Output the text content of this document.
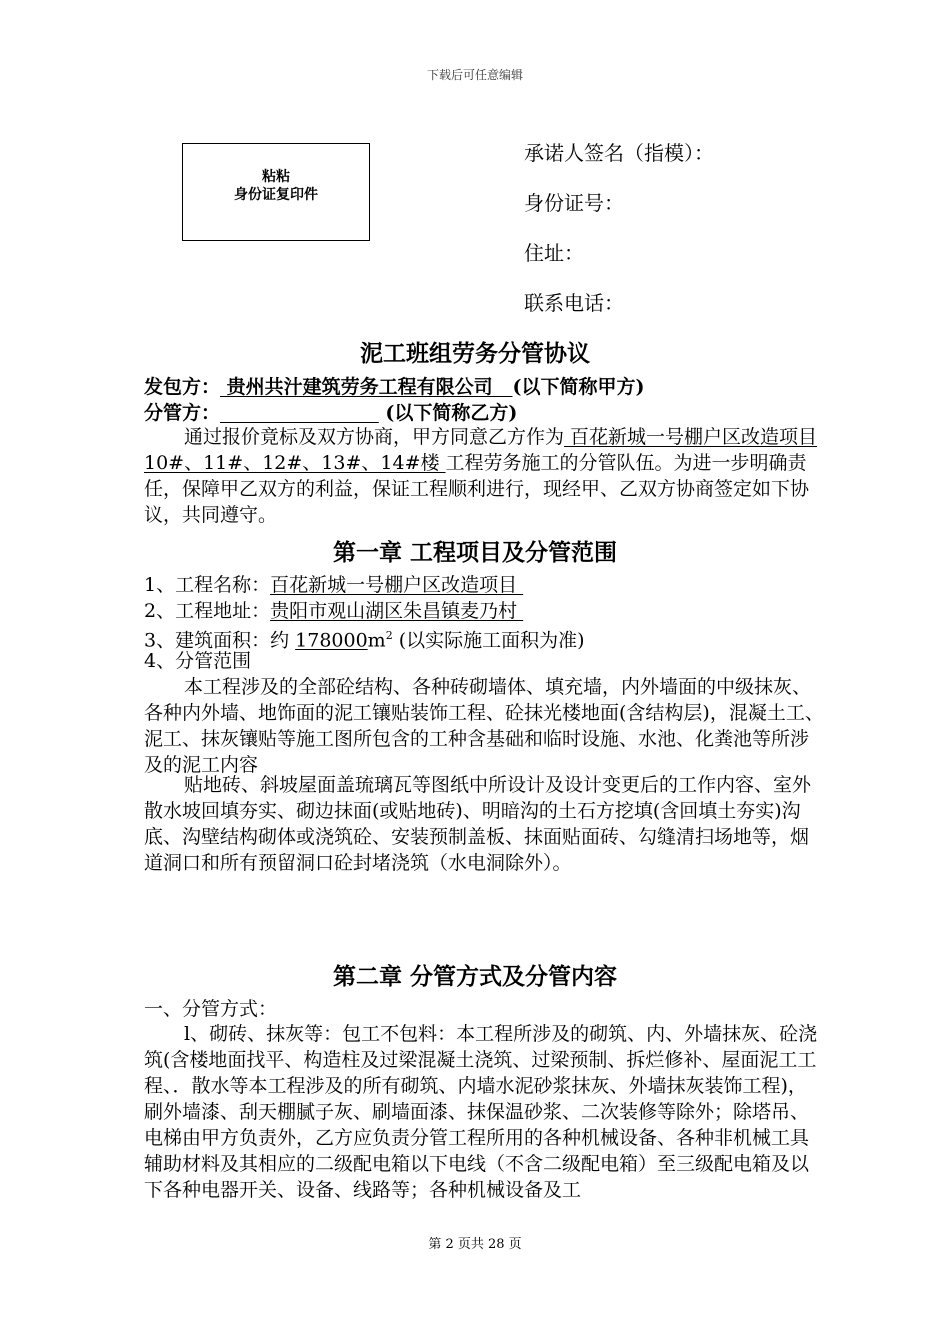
下载后可任意编辑
粘粘
身份证复印件
承诺人签名（指模）：
身份证号：
住址：
联系电话：
泥工班组劳务分管协议
发包方： 贵州共汁建筑劳务工程有限公司   (以下简称甲方)
分管方：	(以下简称乙方)
通过报价竟标及双方协商，甲方同意乙方作为 百花新城一号棚户区改造项目 10#、11#、12#、13#、14#楼 工程劳务施工的分管队伍。为进一步明确责任，保障甲乙双方的利益，保证工程顺利进行，现经甲、乙双方协商签定如下协议，共同遵守。
第一章 工程项目及分管范围
1、工程名称：百花新城一号棚户区改造项目
2、工程地址：贵阳市观山湖区朱昌镇麦乃村
3、建筑面积：约 $178000m^2$ (以实际施工面积为准)
4、分管范围
本工程涉及的全部砼结构、各种砖砌墙体、填充墙，内外墙面的中级抹灰、各种内外墙、地饰面的泥工镶贴装饰工程、砼抹光楼地面(含结构层)，混凝土工、泥工、抹灰镶贴等施工图所包含的工种含基础和临时设施、水池、化粪池等所涉及的泥工内容
贴地砖、斜坡屋面盖琉璃瓦等图纸中所设计及设计变更后的工作内容、室外散水坡回填夯实、砌边抹面(或贴地砖)、明暗沟的土石方挖填(含回填土夯实)沟底、沟壁结构砌体或浇筑砼、安装预制盖板、抹面贴面砖、勾缝清扫场地等，烟道洞口和所有预留洞口砼封堵浇筑（水电洞除外）。
第二章 分管方式及分管内容
一、分管方式：
l、砌砖、抹灰等：包工不包料：本工程所涉及的砌筑、内、外墙抹灰、砼浇筑(含楼地面找平、构造柱及过梁混凝土浇筑、过梁预制、拆烂修补、屋面泥工工程、．散水等本工程涉及的所有砌筑、内墙水泥砂浆抹灰、外墙抹灰装饰工程)，刷外墙漆、刮天棚腻子灰、刷墙面漆、抹保温砂浆、二次装修等除外；除塔吊、电梯由甲方负责外，乙方应负责分管工程所用的各种机械设备、各种非机械工具辅助材料及其相应的二级配电箱以下电线（不含二级配电箱）至三级配电箱及以下各种电器开关、设备、线路等；各种机械设备及工
第 2 页共 28 页
